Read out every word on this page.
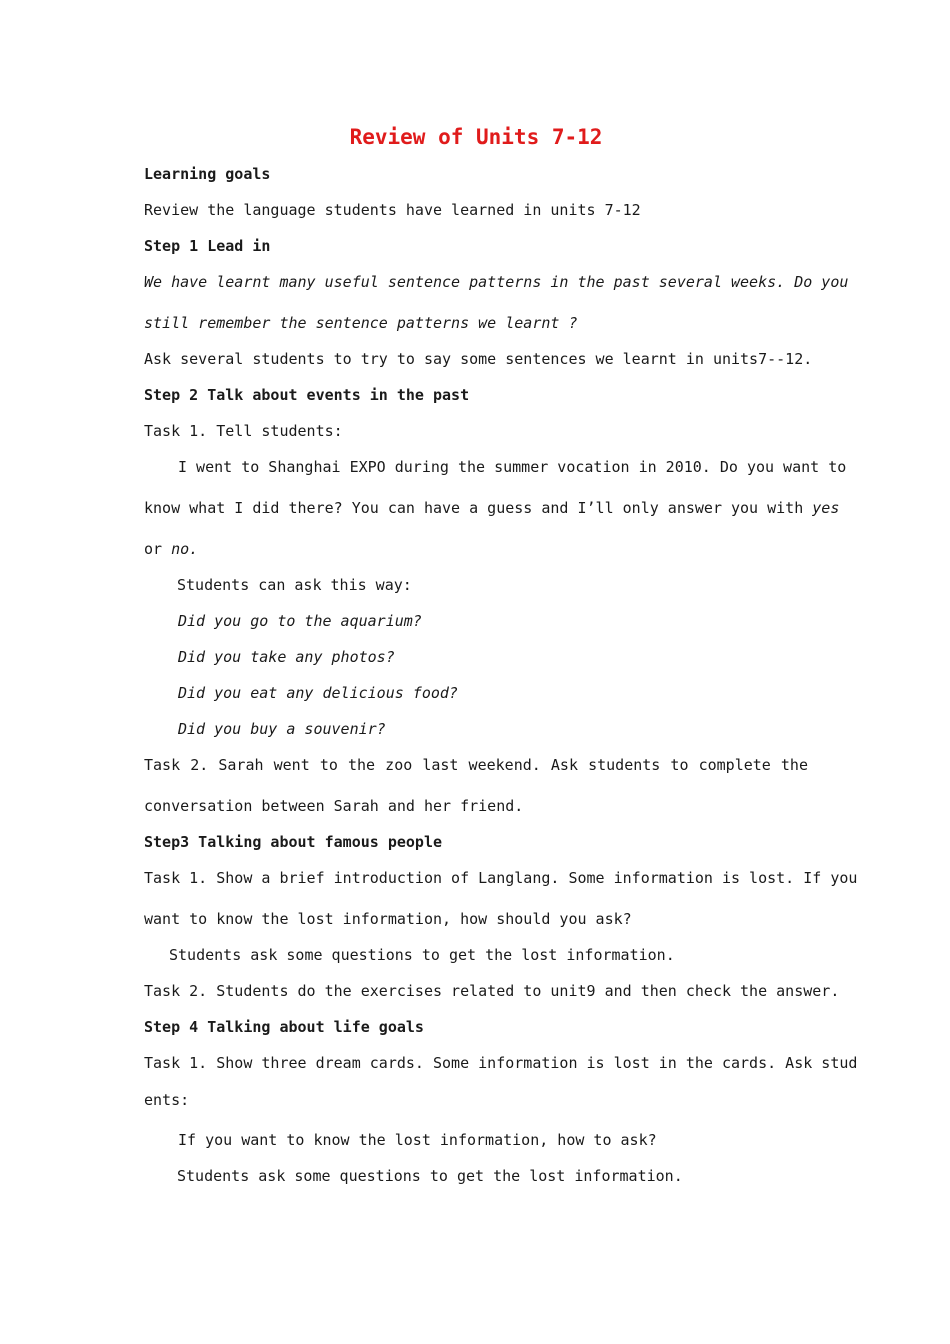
Review of Units 7-12
Learning goals
Review the language students have learned in units 7-12
Step 1 Lead in
We have learnt many useful sentence patterns in the past several weeks. Do you
still remember the sentence patterns we learnt ?
Ask several students to try to say some sentences we learnt in units7--12.
Step 2 Talk about events in the past
Task 1. Tell students:
I went to Shanghai EXPO during the summer vocation in 2010. Do you want to
know what I did there? You can have a guess and I’ll only answer you with yes
or no.
Students can ask this way:
Did you go to the aquarium?
Did you take any photos?
Did you eat any delicious food?
Did you buy a souvenir?
Task 2. Sarah went to the zoo last weekend. Ask students to complete the
conversation between Sarah and her friend.
Step3 Talking about famous people
Task 1. Show a brief introduction of Langlang. Some information is lost. If you
want to know the lost information, how should you ask?
Students ask some questions to get the lost information.
Task 2. Students do the exercises related to unit9 and then check the answer.
Step 4 Talking about life goals
Task 1. Show three dream cards. Some information is lost in the cards. Ask stud
ents:
If you want to know the lost information, how to ask?
Students ask some questions to get the lost information.
